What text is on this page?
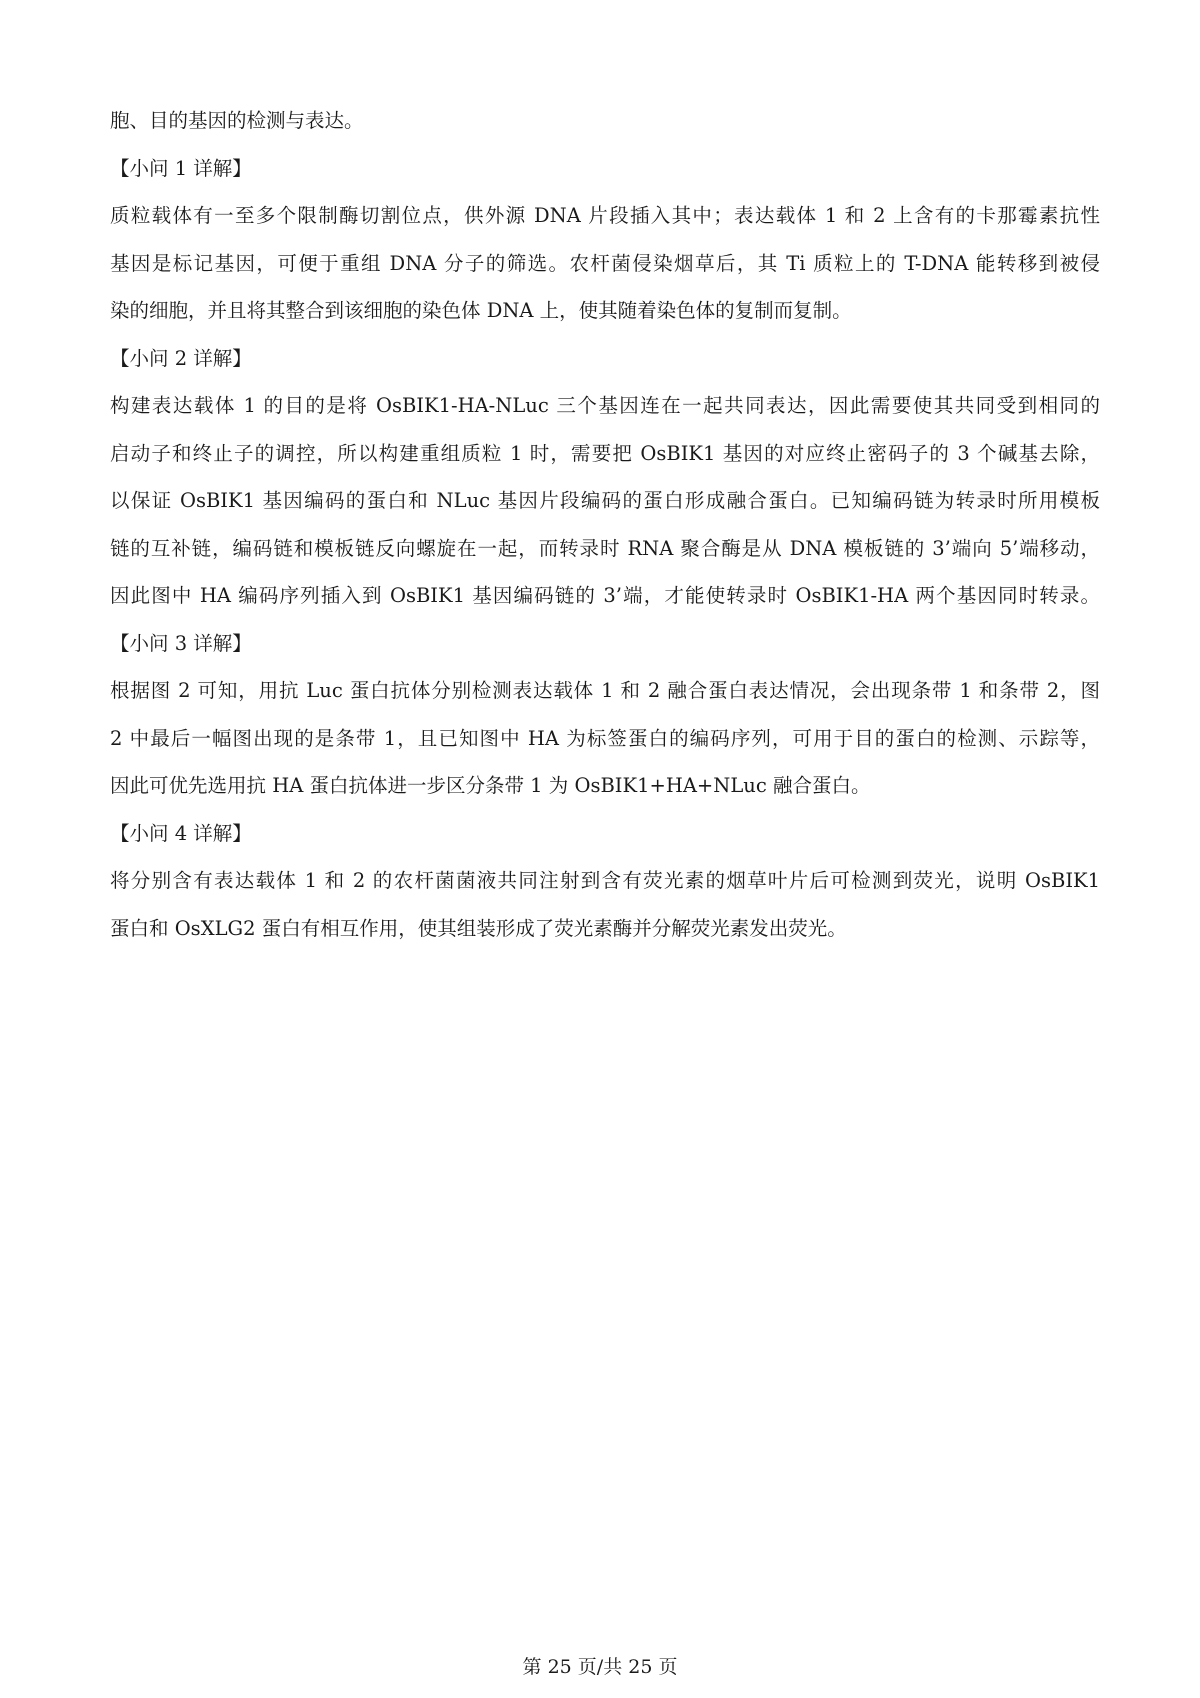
胞、目的基因的检测与表达。
【小问 1 详解】
质粒载体有一至多个限制酶切割位点，供外源 DNA 片段插入其中；表达载体 1 和 2 上含有的卡那霉素抗性
基因是标记基因，可便于重组 DNA 分子的筛选。农杆菌侵染烟草后，其 Ti 质粒上的 T-DNA 能转移到被侵
染的细胞，并且将其整合到该细胞的染色体 DNA 上，使其随着染色体的复制而复制。
【小问 2 详解】
构建表达载体 1 的目的是将 OsBIK1-HA-NLuc 三个基因连在一起共同表达，因此需要使其共同受到相同的
启动子和终止子的调控，所以构建重组质粒 1 时，需要把 OsBIK1 基因的对应终止密码子的 3 个碱基去除，
以保证 OsBIK1 基因编码的蛋白和 NLuc 基因片段编码的蛋白形成融合蛋白。已知编码链为转录时所用模板
链的互补链，编码链和模板链反向螺旋在一起，而转录时 RNA 聚合酶是从 DNA 模板链的 3’端向 5’端移动，
因此图中 HA 编码序列插入到 OsBIK1 基因编码链的 3’端，才能使转录时 OsBIK1-HA 两个基因同时转录。
【小问 3 详解】
根据图 2 可知，用抗 Luc 蛋白抗体分别检测表达载体 1 和 2 融合蛋白表达情况，会出现条带 1 和条带 2，图
2 中最后一幅图出现的是条带 1，且已知图中 HA 为标签蛋白的编码序列，可用于目的蛋白的检测、示踪等，
因此可优先选用抗 HA 蛋白抗体进一步区分条带 1 为 OsBIK1+HA+NLuc 融合蛋白。
【小问 4 详解】
将分别含有表达载体 1 和 2 的农杆菌菌液共同注射到含有荧光素的烟草叶片后可检测到荧光，说明 OsBIK1
蛋白和 OsXLG2 蛋白有相互作用，使其组装形成了荧光素酶并分解荧光素发出荧光。
第 25 页/共 25 页
